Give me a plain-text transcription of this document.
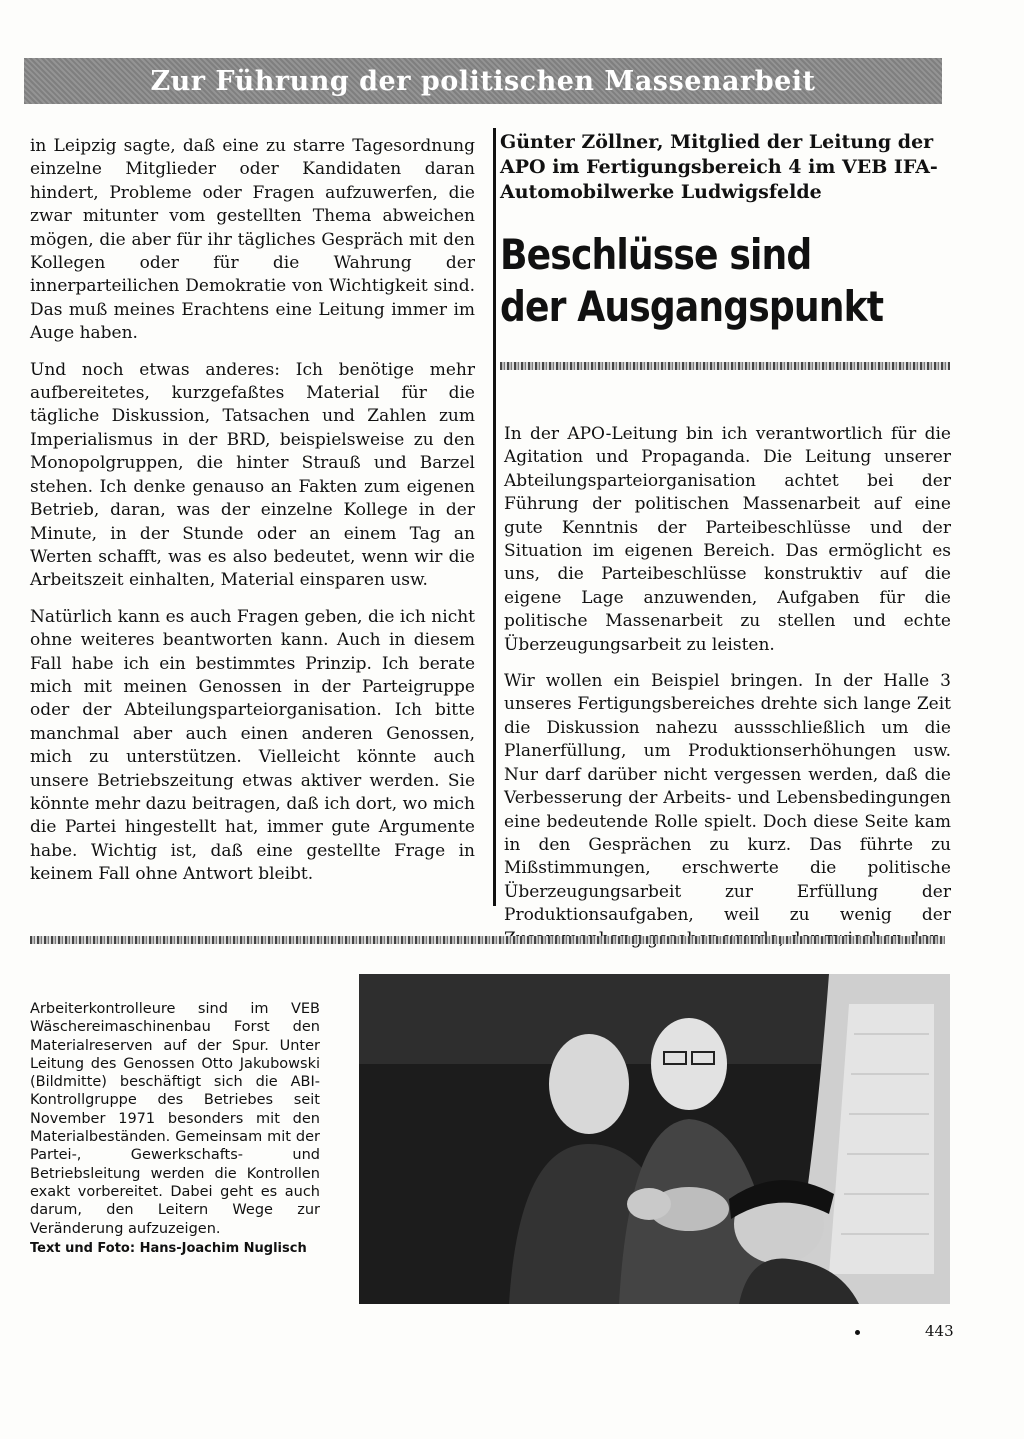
Zur Führung der politischen Massenarbeit

in Leipzig sagte, daß eine zu starre Tagesordnung einzelne Mitglieder oder Kandidaten daran hindert, Probleme oder Fragen aufzuwerfen, die zwar mitunter vom gestellten Thema abweichen mögen, die aber für ihr tägliches Gespräch mit den Kollegen oder für die Wahrung der innerparteilichen Demokratie von Wichtigkeit sind. Das muß meines Erachtens eine Leitung immer im Auge haben.

Und noch etwas anderes: Ich benötige mehr aufbereitetes, kurzgefaßtes Material für die tägliche Diskussion, Tatsachen und Zahlen zum Imperialismus in der BRD, beispielsweise zu den Monopolgruppen, die hinter Strauß und Barzel stehen. Ich denke genauso an Fakten zum eigenen Betrieb, daran, was der einzelne Kollege in der Minute, in der Stunde oder an einem Tag an Werten schafft, was es also bedeutet, wenn wir die Arbeitszeit einhalten, Material einsparen usw.

Natürlich kann es auch Fragen geben, die ich nicht ohne weiteres beantworten kann. Auch in diesem Fall habe ich ein bestimmtes Prinzip. Ich berate mich mit meinen Genossen in der Parteigruppe oder der Abteilungsparteiorganisation. Ich bitte manchmal aber auch einen anderen Genossen, mich zu unterstützen. Vielleicht könnte auch unsere Betriebszeitung etwas aktiver werden. Sie könnte mehr dazu beitragen, daß ich dort, wo mich die Partei hingestellt hat, immer gute Argumente habe. Wichtig ist, daß eine gestellte Frage in keinem Fall ohne Antwort bleibt.

Günter Zöllner, Mitglied der Leitung der APO im Fertigungsbereich 4 im VEB IFA-Automobilwerke Ludwigsfelde

Beschlüsse sind
der Ausgangspunkt

In der APO-Leitung bin ich verantwortlich für die Agitation und Propaganda. Die Leitung unserer Abteilungsparteiorganisation achtet bei der Führung der politischen Massenarbeit auf eine gute Kenntnis der Parteibeschlüsse und der Situation im eigenen Bereich. Das ermöglicht es uns, die Parteibeschlüsse konstruktiv auf die eigene Lage anzuwenden, Aufgaben für die politische Massenarbeit zu stellen und echte Überzeugungsarbeit zu leisten.

Wir wollen ein Beispiel bringen. In der Halle 3 unseres Fertigungsbereiches drehte sich lange Zeit die Diskussion nahezu aussschließlich um die Planerfüllung, um Produktionserhöhungen usw. Nur darf darüber nicht vergessen werden, daß die Verbesserung der Arbeits- und Lebensbedingungen eine bedeutende Rolle spielt. Doch diese Seite kam in den Gesprächen zu kurz. Das führte zu Mißstimmungen, erschwerte die politische Überzeugungsarbeit zur Erfüllung der Produktionsaufgaben, weil zu wenig der

Arbeiterkontrolleure sind im VEB Wäschereimaschinenbau Forst den Materialreserven auf der Spur. Unter Leitung des Genossen Otto Jakubowski (Bildmitte) beschäftigt sich die ABI-Kontrollgruppe des Betriebes seit November 1971 besonders mit den Materialbeständen. Gemeinsam mit der Partei-, Gewerkschafts- und Betriebsleitung werden die Kontrollen exakt vorbereitet. Dabei geht es auch darum, den Leitern Wege zur Veränderung aufzuzeigen.
Text und Foto: Hans-Joachim Nuglisch
443
